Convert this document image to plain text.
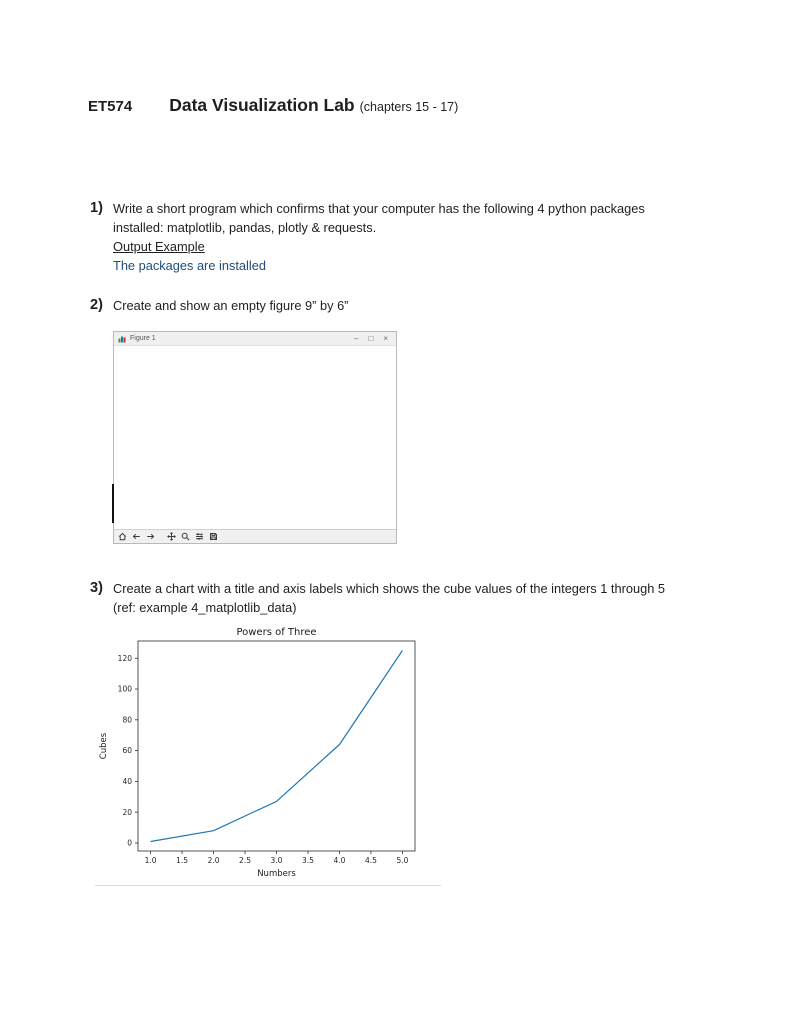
ET574 Data Visualization Lab (chapters 15 - 17)
1) Write a short program which confirms that your computer has the following 4 python packages installed: matplotlib, pandas, plotly & requests.

Output Example

The packages are installed

2) Create and show an empty figure 9” by 6”

Figure 1	– □ ×
3) Create a chart with a title and axis labels which shows the cube values of the integers 1 through 5 (ref: example 4_matplotlib_data)

1.0	1.5	2.0	2.5	3.0	3.5	4.0	4.5	5.0
0
20
40
60
80
100
120
Powers of Three
Numbers
Cubes
